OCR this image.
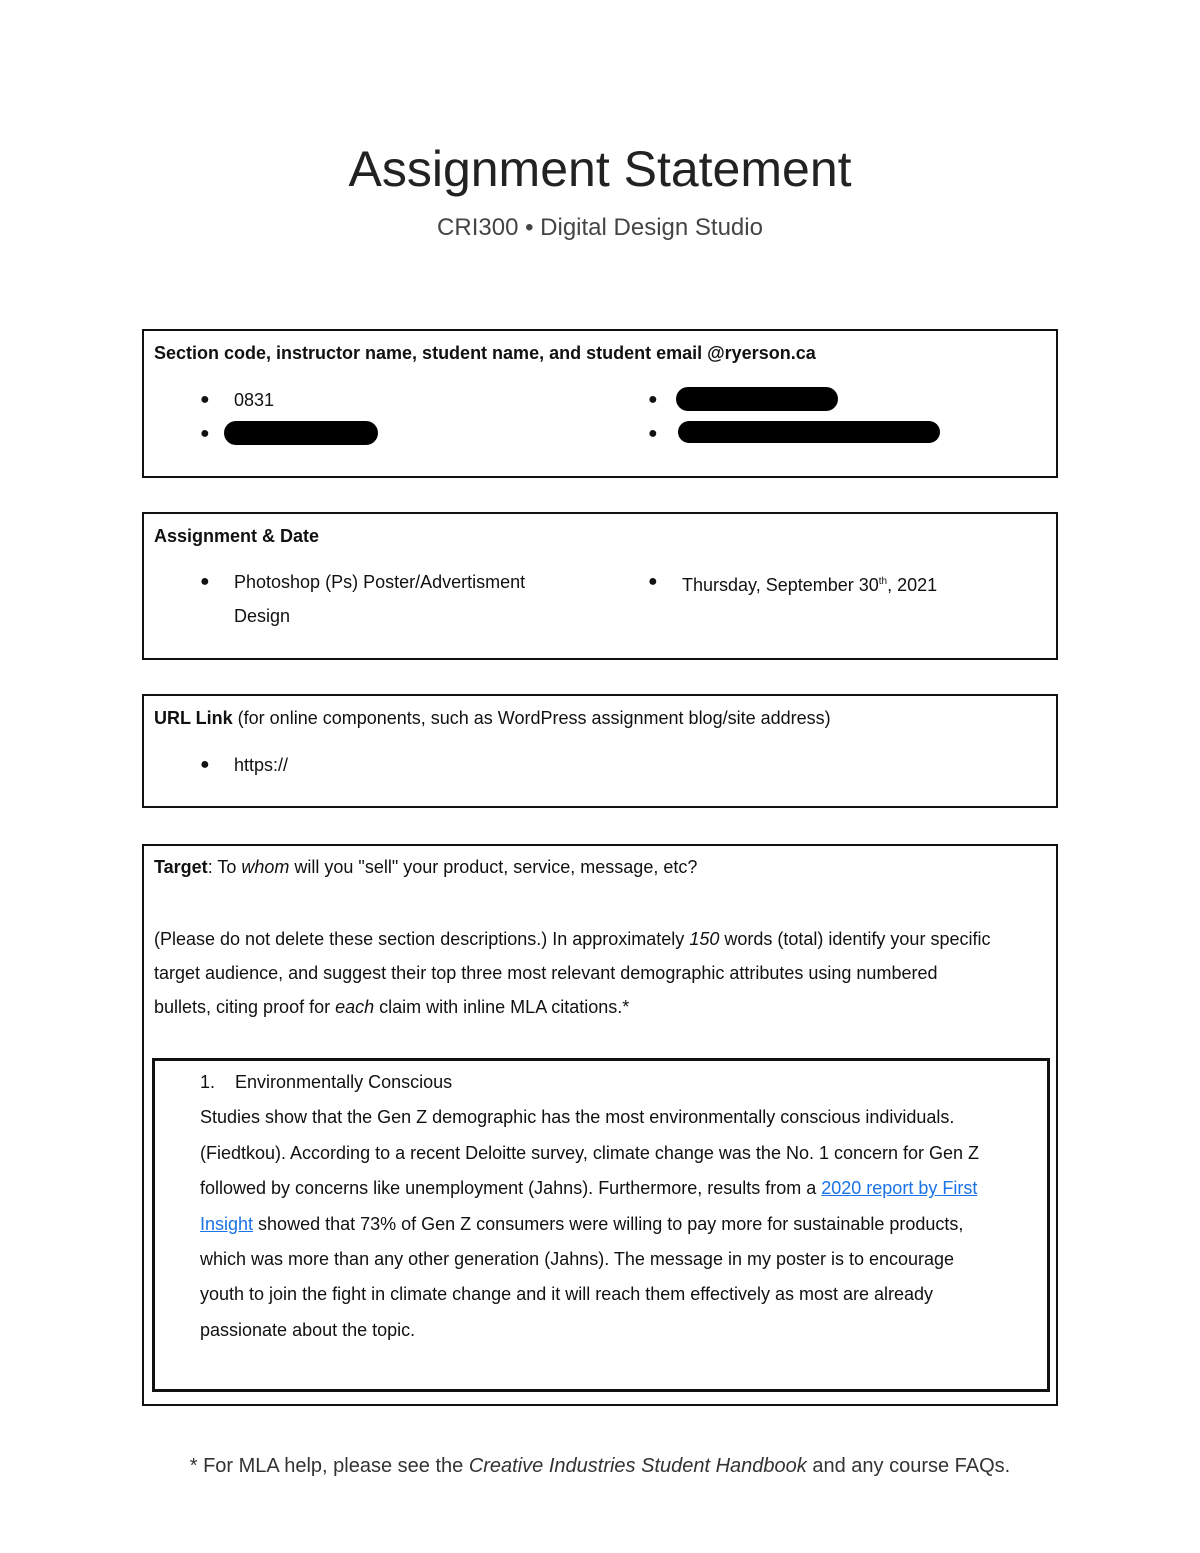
Assignment Statement
CRI300 • Digital Design Studio
Section code, instructor name, student name, and student email @ryerson.ca
● 0831
●
●
●
Assignment & Date
● Photoshop (Ps) Poster/Advertisment
Design
● Thursday, September 30th, 2021
URL Link (for online components, such as WordPress assignment blog/site address)
● https://
Target: To whom will you "sell" your product, service, message, etc?
(Please do not delete these section descriptions.) In approximately 150 words (total) identify your specific
target audience, and suggest their top three most relevant demographic attributes using numbered
bullets, citing proof for each claim with inline MLA citations.*
1. Environmentally Conscious
Studies show that the Gen Z demographic has the most environmentally conscious individuals.
(Fiedtkou). According to a recent Deloitte survey, climate change was the No. 1 concern for Gen Z
followed by concerns like unemployment (Jahns). Furthermore, results from a 2020 report by First
Insight showed that 73% of Gen Z consumers were willing to pay more for sustainable products,
which was more than any other generation (Jahns). The message in my poster is to encourage
youth to join the fight in climate change and it will reach them effectively as most are already
passionate about the topic.
* For MLA help, please see the Creative Industries Student Handbook and any course FAQs.
